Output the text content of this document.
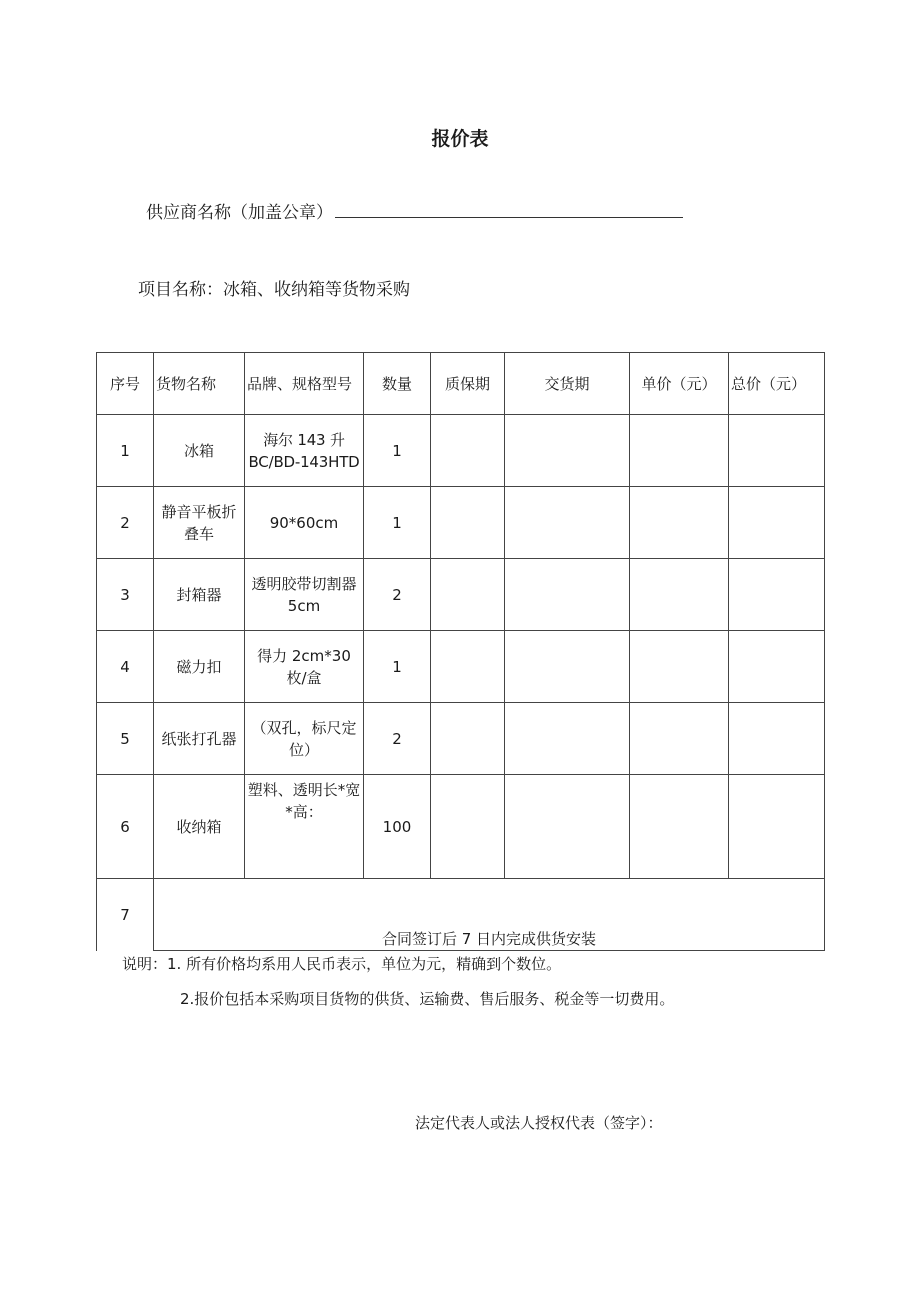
报价表
供应商名称（加盖公章）
项目名称：冰箱、收纳箱等货物采购
序号	货物名称	品牌、规格型号	数量	质保期	交货期	单价（元）	总价（元）
1	冰箱	海尔 143 升 BC/BD-143HTD	1				
2	静音平板折叠车	90*60cm	1				
3	封箱器	透明胶带切割器 5cm	2				
4	磁力扣	得力 2cm*30 枚/盒	1				
5	纸张打孔器	（双孔，标尺定位）	2				
6	收纳箱	塑料、透明长*宽*高：	100				
7	合同签订后 7 日内完成供货安装						
说明：1. 所有价格均系用人民币表示，单位为元，精确到个数位。
2.报价包括本采购项目货物的供货、运输费、售后服务、税金等一切费用。
法定代表人或法人授权代表（签字）：
